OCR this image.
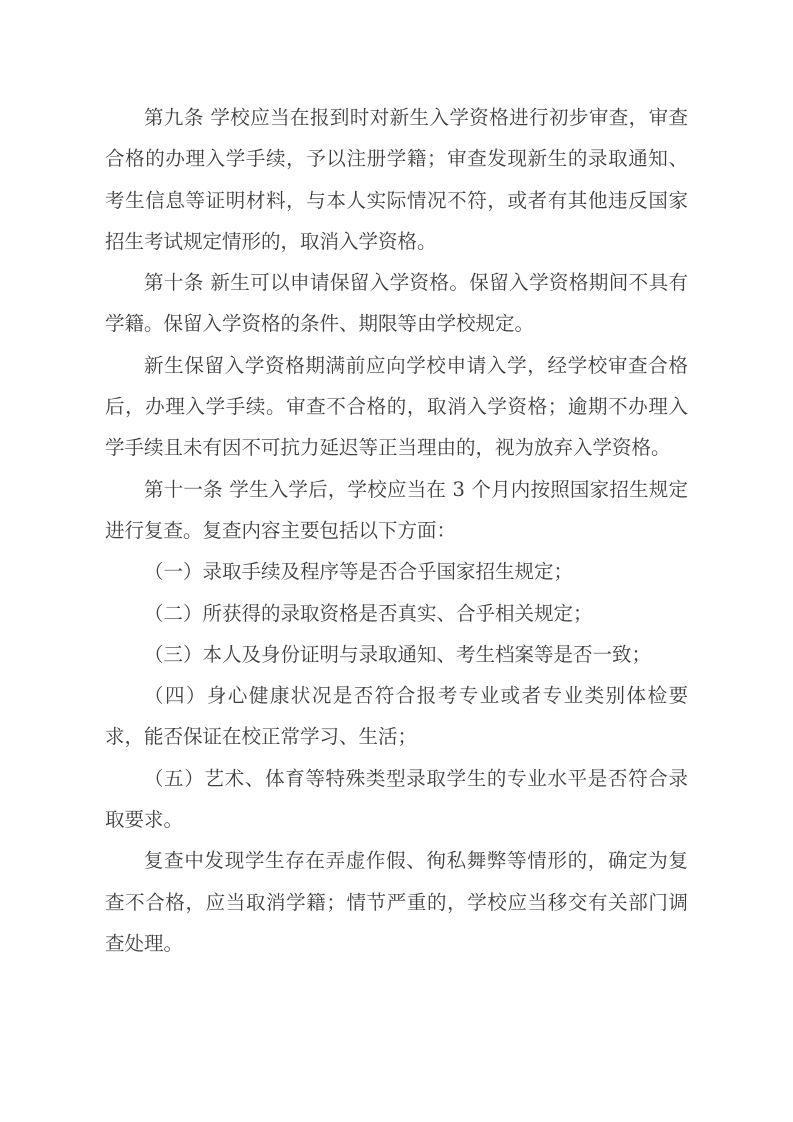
第九条 学校应当在报到时对新生入学资格进行初步审查，审查合格的办理入学手续，予以注册学籍；审查发现新生的录取通知、考生信息等证明材料，与本人实际情况不符，或者有其他违反国家招生考试规定情形的，取消入学资格。

第十条 新生可以申请保留入学资格。保留入学资格期间不具有学籍。保留入学资格的条件、期限等由学校规定。

新生保留入学资格期满前应向学校申请入学，经学校审查合格后，办理入学手续。审查不合格的，取消入学资格；逾期不办理入学手续且未有因不可抗力延迟等正当理由的，视为放弃入学资格。

第十一条 学生入学后，学校应当在 3 个月内按照国家招生规定进行复查。复查内容主要包括以下方面：

（一）录取手续及程序等是否合乎国家招生规定；

（二）所获得的录取资格是否真实、合乎相关规定；

（三）本人及身份证明与录取通知、考生档案等是否一致；

（四）身心健康状况是否符合报考专业或者专业类别体检要求，能否保证在校正常学习、生活；

（五）艺术、体育等特殊类型录取学生的专业水平是否符合录取要求。

复查中发现学生存在弄虚作假、徇私舞弊等情形的，确定为复查不合格，应当取消学籍；情节严重的，学校应当移交有关部门调查处理。
